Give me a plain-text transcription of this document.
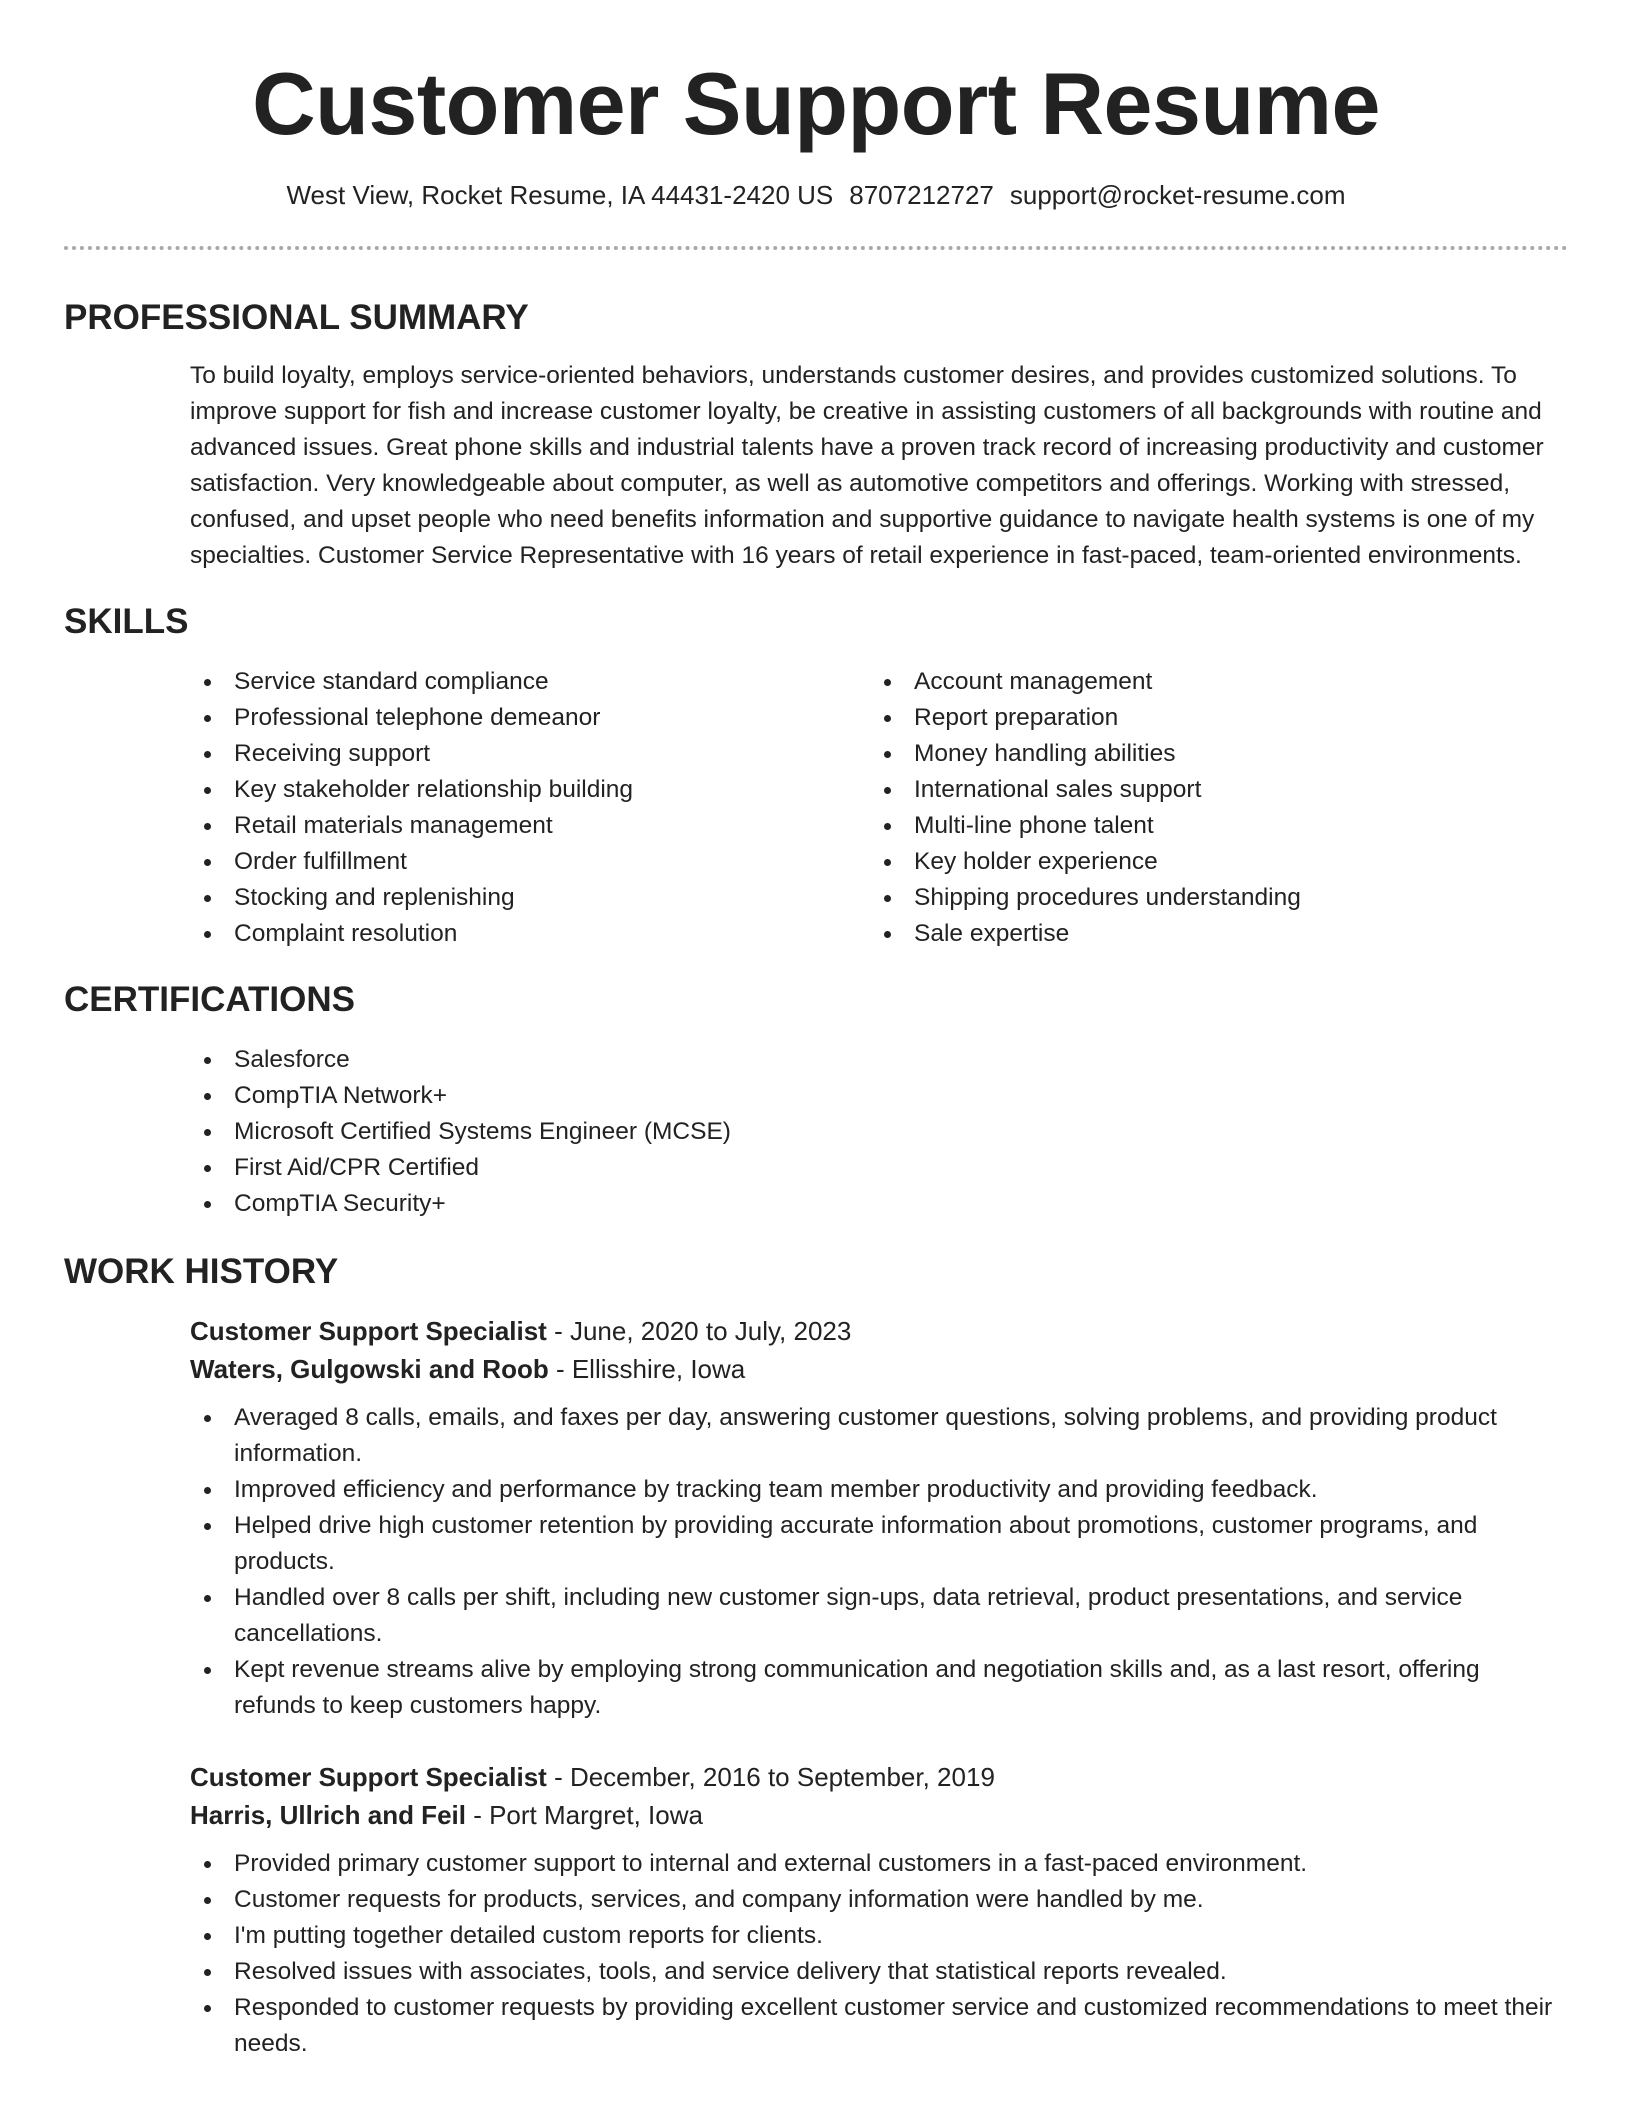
Customer Support Resume
West View, Rocket Resume, IA 44431-2420 US 8707212727 support@rocket-resume.com
PROFESSIONAL SUMMARY

To build loyalty, employs service-oriented behaviors, understands customer desires, and provides customized solutions. To improve support for fish and increase customer loyalty, be creative in assisting customers of all backgrounds with routine and advanced issues. Great phone skills and industrial talents have a proven track record of increasing productivity and customer satisfaction. Very knowledgeable about computer, as well as automotive competitors and offerings. Working with stressed, confused, and upset people who need benefits information and supportive guidance to navigate health systems is one of my specialties. Customer Service Representative with 16 years of retail experience in fast-paced, team-oriented environments.

SKILLS
Service standard compliance
Professional telephone demeanor
Receiving support
Key stakeholder relationship building
Retail materials management
Order fulfillment
Stocking and replenishing
Complaint resolution
Account management
Report preparation
Money handling abilities
International sales support
Multi-line phone talent
Key holder experience
Shipping procedures understanding
Sale expertise
CERTIFICATIONS
Salesforce
CompTIA Network+
Microsoft Certified Systems Engineer (MCSE)
First Aid/CPR Certified
CompTIA Security+
WORK HISTORY
Customer Support Specialist - June, 2020 to July, 2023
Waters, Gulgowski and Roob - Ellisshire, Iowa
Averaged 8 calls, emails, and faxes per day, answering customer questions, solving problems, and providing product information.
Improved efficiency and performance by tracking team member productivity and providing feedback.
Helped drive high customer retention by providing accurate information about promotions, customer programs, and products.
Handled over 8 calls per shift, including new customer sign-ups, data retrieval, product presentations, and service cancellations.
Kept revenue streams alive by employing strong communication and negotiation skills and, as a last resort, offering refunds to keep customers happy.
Customer Support Specialist - December, 2016 to September, 2019
Harris, Ullrich and Feil - Port Margret, Iowa
Provided primary customer support to internal and external customers in a fast-paced environment.
Customer requests for products, services, and company information were handled by me.
I'm putting together detailed custom reports for clients.
Resolved issues with associates, tools, and service delivery that statistical reports revealed.
Responded to customer requests by providing excellent customer service and customized recommendations to meet their needs.
